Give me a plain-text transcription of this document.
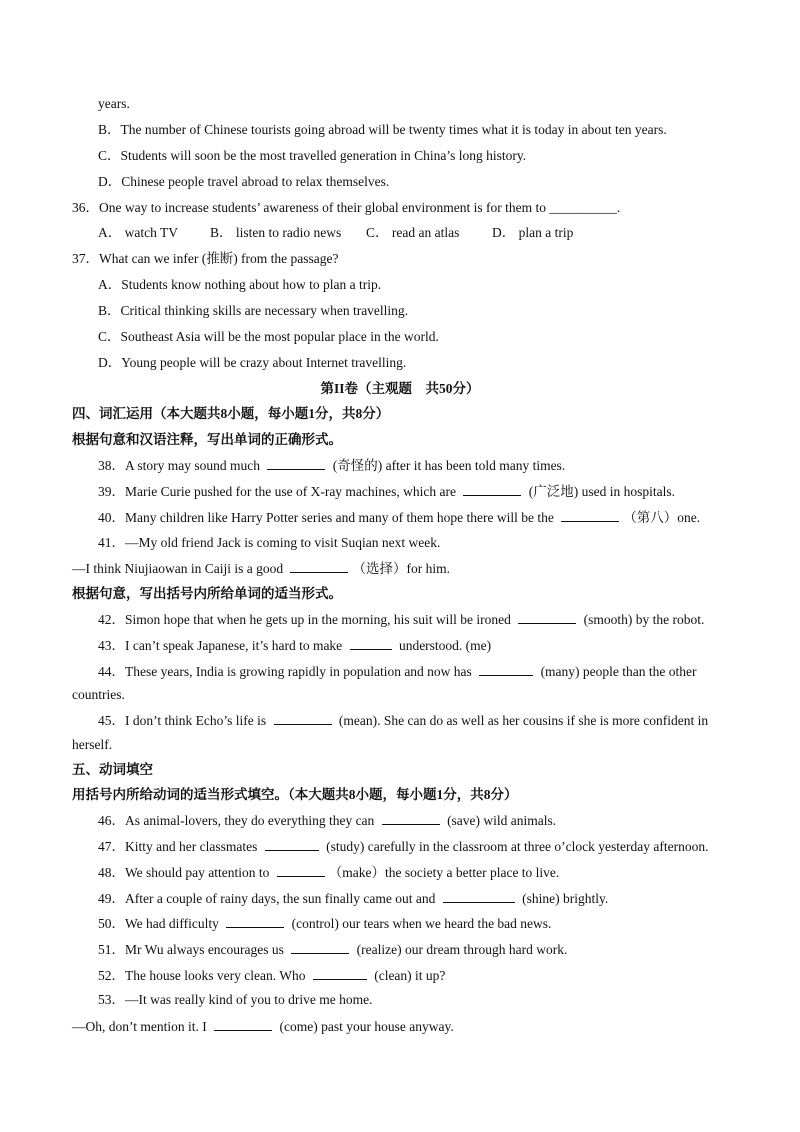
years.
B．The number of Chinese tourists going abroad will be twenty times what it is today in about ten years.
C．Students will soon be the most travelled generation in China’s long history.
D．Chinese people travel abroad to relax themselves.
36．One way to increase students’ awareness of their global environment is for them to __________.
A． watch TV B． listen to radio news C． read an atlas D． plan a trip
37．What can we infer (推断) from the passage?
A．Students know nothing about how to plan a trip.
B．Critical thinking skills are necessary when travelling.
C．Southeast Asia will be the most popular place in the world.
D．Young people will be crazy about Internet travelling.
第II卷（主观题　共50分）
四、词汇运用（本大题共8小题，每小题1分，共8分）
根据句意和汉语注释，写出单词的正确形式。
38．A story may sound much	(奇怪的) after it has been told many times.
39．Marie Curie pushed for the use of X-ray machines, which are	(广泛地) used in hospitals.
40．Many children like Harry Potter series and many of them hope there will be the	（第八）one.
41．—My old friend Jack is coming to visit Suqian next week.
—I think Niujiaowan in Caiji is a good	（选择）for him.
根据句意，写出括号内所给单词的适当形式。
42．Simon hope that when he gets up in the morning, his suit will be ironed	(smooth) by the robot.
43．I can’t speak Japanese, it’s hard to make	understood. (me)
44．These years, India is growing rapidly in population and now has	(many) people than the other
countries.
45．I don’t think Echo’s life is	(mean). She can do as well as her cousins if she is more confident in
herself.
五、动词填空
用括号内所给动词的适当形式填空。（本大题共8小题，每小题1分，共8分）
46．As animal-lovers, they do everything they can	(save) wild animals.
47．Kitty and her classmates	(study) carefully in the classroom at three o’clock yesterday afternoon.
48．We should pay attention to	（make）the society a better place to live.
49．After a couple of rainy days, the sun finally came out and	(shine) brightly.
50．We had difficulty	(control) our tears when we heard the bad news.
51．Mr Wu always encourages us	(realize) our dream through hard work.
52．The house looks very clean. Who	(clean) it up?
53．—It was really kind of you to drive me home.
—Oh, don’t mention it. I	(come) past your house anyway.
